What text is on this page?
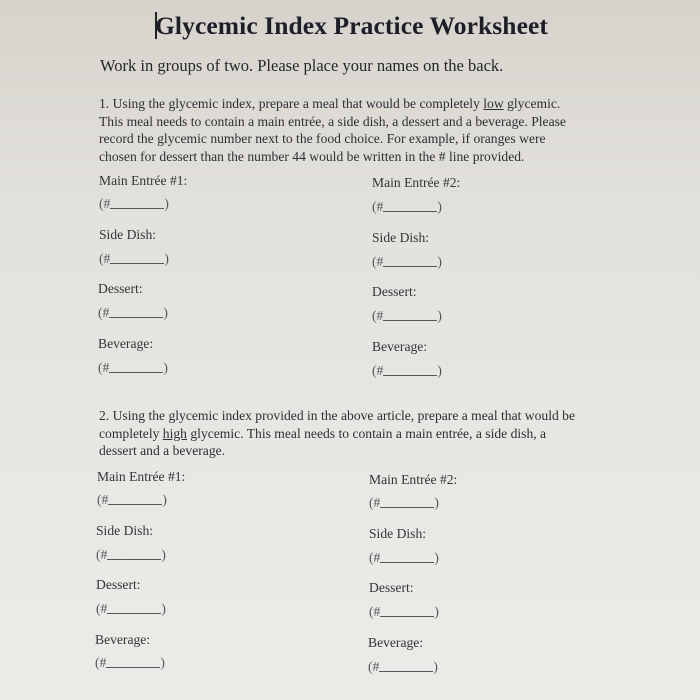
Glycemic Index Practice Worksheet
Work in groups of two. Please place your names on the back.
1. Using the glycemic index, prepare a meal that would be completely low glycemic.
This meal needs to contain a main entrée, a side dish, a dessert and a beverage. Please
record the glycemic number next to the food choice. For example, if oranges were
chosen for dessert than the number 44 would be written in the # line provided.
Main Entrée #1:
(#	)
Side Dish:
(#	)
Dessert:
(#	)
Beverage:
(#	)
Main Entrée #2:
(#	)
Side Dish:
(#	)
Dessert:
(#	)
Beverage:
(#	)
2. Using the glycemic index provided in the above article, prepare a meal that would be
completely high glycemic. This meal needs to contain a main entrée, a side dish, a
dessert and a beverage.
Main Entrée #1:
(#	)
Side Dish:
(#	)
Dessert:
(#	)
Beverage:
(#	)
Main Entrée #2:
(#	)
Side Dish:
(#	)
Dessert:
(#	)
Beverage:
(#	)
